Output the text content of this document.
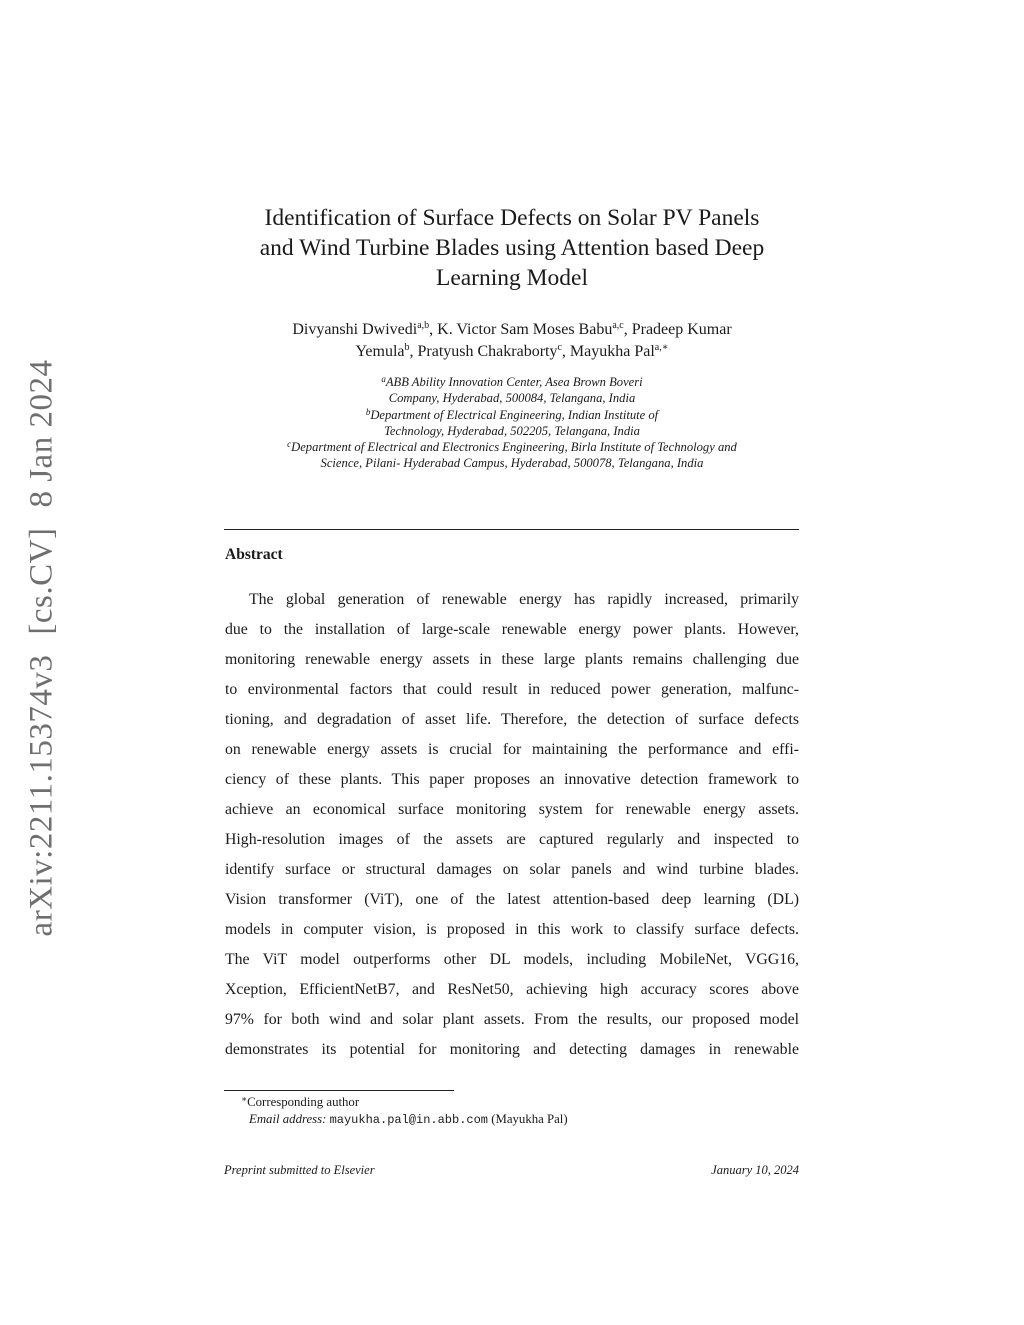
arXiv:2211.15374v3[cs.CV]8 Jan 2024
Identification of Surface Defects on Solar PV Panels
and Wind Turbine Blades using Attention based Deep
Learning Model
Divyanshi Dwivedi$^{a,b}$, K. Victor Sam Moses Babu$^{a,c}$, Pradeep Kumar
Yemula$^b$, Pratyush Chakraborty$^c$, Mayukha Pal$^{a,∗}$
$^a$ABB Ability Innovation Center, Asea Brown Boveri
Company, Hyderabad, 500084, Telangana, India
$^b$Department of Electrical Engineering, Indian Institute of
Technology, Hyderabad, 502205, Telangana, India
$^c$Department of Electrical and Electronics Engineering, Birla Institute of Technology and
Science, Pilani- Hyderabad Campus, Hyderabad, 500078, Telangana, India
Abstract
The global generation of renewable energy has rapidly increased, primarily
due to the installation of large-scale renewable energy power plants. However,
monitoring renewable energy assets in these large plants remains challenging due
to environmental factors that could result in reduced power generation, malfunc-
tioning, and degradation of asset life. Therefore, the detection of surface defects
on renewable energy assets is crucial for maintaining the performance and effi-
ciency of these plants. This paper proposes an innovative detection framework to
achieve an economical surface monitoring system for renewable energy assets.
High-resolution images of the assets are captured regularly and inspected to
identify surface or structural damages on solar panels and wind turbine blades.
Vision transformer (ViT), one of the latest attention-based deep learning (DL)
models in computer vision, is proposed in this work to classify surface defects.
The ViT model outperforms other DL models, including MobileNet, VGG16,
Xception, EfficientNetB7, and ResNet50, achieving high accuracy scores above
97% for both wind and solar plant assets. From the results, our proposed model
demonstrates its potential for monitoring and detecting damages in renewable
∗Corresponding author
Email address: mayukha.pal@in.abb.com (Mayukha Pal)
Preprint submitted to Elsevier	January 10, 2024
